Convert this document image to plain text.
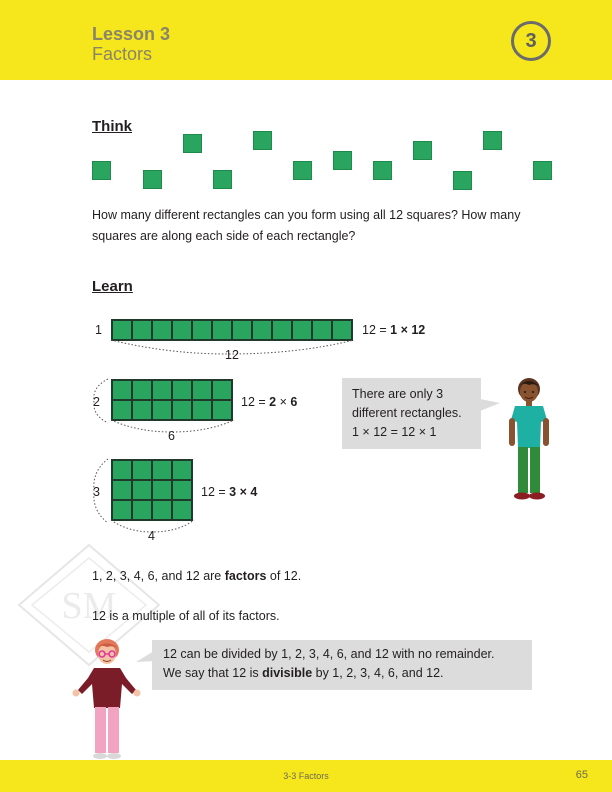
Lesson 3
Factors
3
Think
How many different rectangles can you form using all 12 squares? How many squares are along each side of each rectangle?
Learn
1
12
12 = 1 × 12
2
6
12 = 2 × 6
3
4
12 = 3 × 4
There are only 3
different rectangles.
1 × 12 = 12 × 1
SM
1, 2, 3, 4, 6, and 12 are factors of 12.
12 is a multiple of all of its factors.
12 can be divided by 1, 2, 3, 4, 6, and 12 with no remainder.
We say that 12 is divisible by 1, 2, 3, 4, 6, and 12.
3-3 Factors	65
